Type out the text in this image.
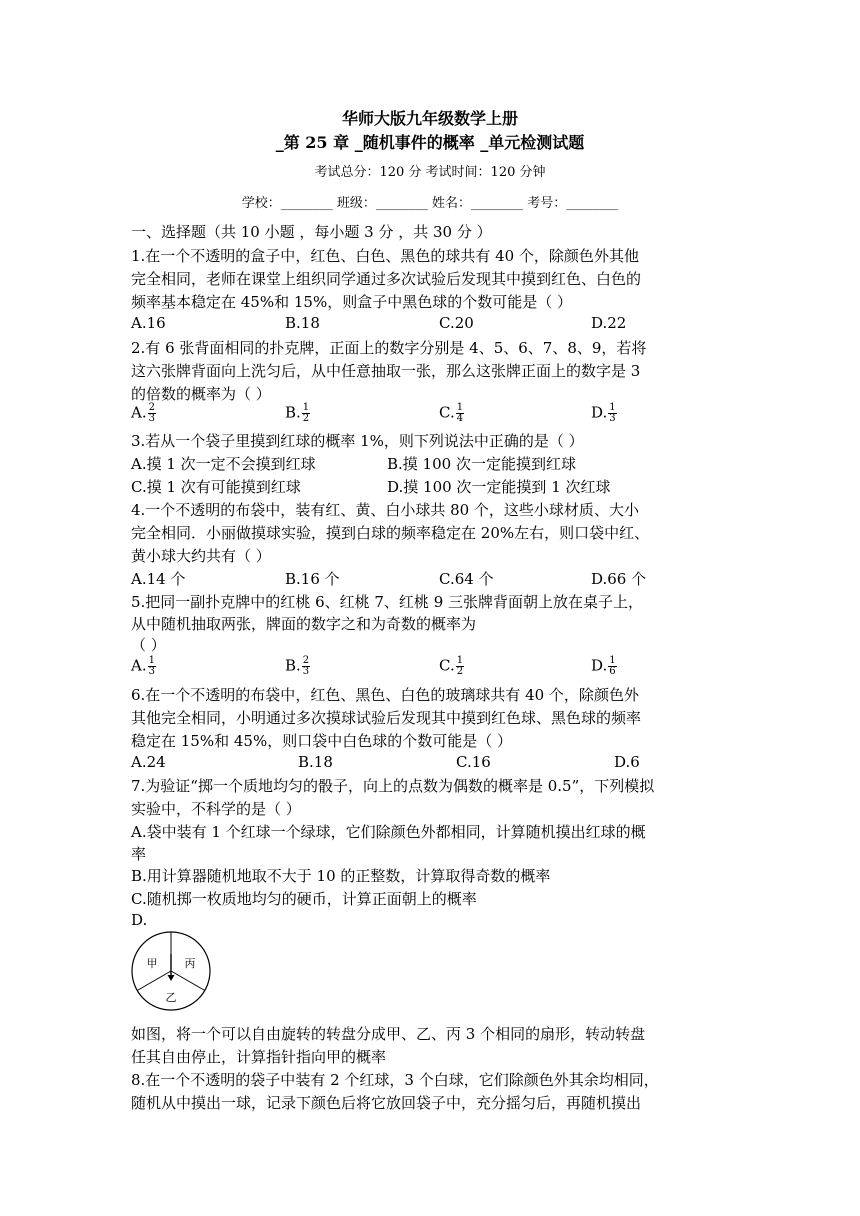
华师大版九年级数学上册
_第 25 章 _随机事件的概率 _单元检测试题
考试总分：120 分 考试时间：120 分钟
学校：________ 班级：________ 姓名：________ 考号：________
一、选择题（共 10 小题 ，每小题 3 分 ，共 30 分 ）
1.在一个不透明的盒子中，红色、白色、黑色的球共有 40 个，除颜色外其他
完全相同，老师在课堂上组织同学通过多次试验后发现其中摸到红色、白色的
频率基本稳定在 45%和 15%，则盒子中黑色球的个数可能是（ ）
A.16	B.18	C.20	D.22
2.有 6 张背面相同的扑克牌，正面上的数字分别是 4、5、6、7、8、9，若将
这六张牌背面向上洗匀后，从中任意抽取一张，那么这张牌正面上的数字是 3
的倍数的概率为（ ）
A. $\frac{2}{3}$	B. $\frac{1}{2}$	C. $\frac{1}{4}$	D. $\frac{1}{3}$
3.若从一个袋子里摸到红球的概率 1%，则下列说法中正确的是（ ）
A.摸 1 次一定不会摸到红球	B.摸 100 次一定能摸到红球
C.摸 1 次有可能摸到红球	D.摸 100 次一定能摸到 1 次红球
4.一个不透明的布袋中，装有红、黄、白小球共 80 个，这些小球材质、大小
完全相同．小丽做摸球实验，摸到白球的频率稳定在 20%左右，则口袋中红、
黄小球大约共有（ ）
A.14 个	B.16 个	C.64 个	D.66 个
5.把同一副扑克牌中的红桃 6、红桃 7、红桃 9 三张牌背面朝上放在桌子上，
从中随机抽取两张，牌面的数字之和为奇数的概率为
（ ）
A. $\frac{1}{3}$	B. $\frac{2}{3}$	C. $\frac{1}{2}$	D. $\frac{1}{6}$
6.在一个不透明的布袋中，红色、黑色、白色的玻璃球共有 40 个，除颜色外
其他完全相同，小明通过多次摸球试验后发现其中摸到红色球、黑色球的频率
稳定在 15%和 45%，则口袋中白色球的个数可能是（ ）
A.24	B.18	C.16	D.6
7.为验证“掷一个质地均匀的骰子，向上的点数为偶数的概率是 0.5”，下列模拟
实验中，不科学的是（ ）
A.袋中装有 1 个红球一个绿球，它们除颜色外都相同，计算随机摸出红球的概
率
B.用计算器随机地取不大于 10 的正整数，计算取得奇数的概率
C.随机掷一枚质地均匀的硬币，计算正面朝上的概率
D.
甲 丙
乙
如图，将一个可以自由旋转的转盘分成甲、乙、丙 3 个相同的扇形，转动转盘
任其自由停止，计算指针指向甲的概率
8.在一个不透明的袋子中装有 2 个红球，3 个白球，它们除颜色外其余均相同，
随机从中摸出一球，记录下颜色后将它放回袋子中，充分摇匀后，再随机摸出
